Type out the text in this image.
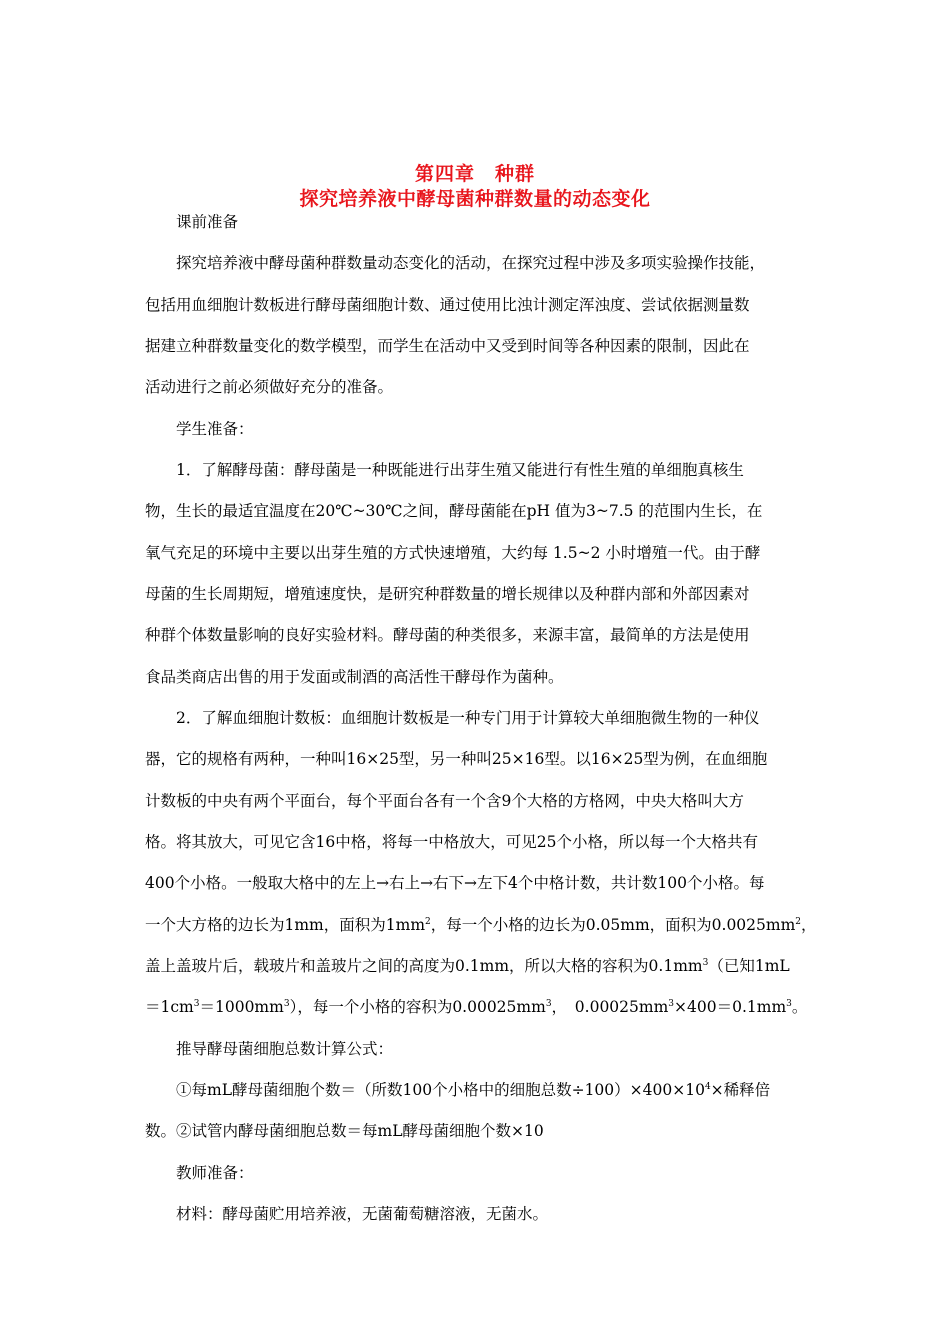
第四章　种群
探究培养液中酵母菌种群数量的动态变化
课前准备
探究培养液中酵母菌种群数量动态变化的活动，在探究过程中涉及多项实验操作技能，
包括用血细胞计数板进行酵母菌细胞计数、通过使用比浊计测定浑浊度、尝试依据测量数
据建立种群数量变化的数学模型，而学生在活动中又受到时间等各种因素的限制，因此在
活动进行之前必须做好充分的准备。
学生准备：
1．了解酵母菌：酵母菌是一种既能进行出芽生殖又能进行有性生殖的单细胞真核生
物，生长的最适宜温度在20℃~30℃之间，酵母菌能在pH 值为3~7.5 的范围内生长，在
氧气充足的环境中主要以出芽生殖的方式快速增殖，大约每 1.5~2 小时增殖一代。由于酵
母菌的生长周期短，增殖速度快，是研究种群数量的增长规律以及种群内部和外部因素对
种群个体数量影响的良好实验材料。酵母菌的种类很多，来源丰富，最简单的方法是使用
食品类商店出售的用于发面或制酒的高活性干酵母作为菌种。
2．了解血细胞计数板：血细胞计数板是一种专门用于计算较大单细胞微生物的一种仪
器，它的规格有两种，一种叫16×25型，另一种叫25×16型。以16×25型为例，在血细胞
计数板的中央有两个平面台，每个平面台各有一个含9个大格的方格网，中央大格叫大方
格。将其放大，可见它含16中格，将每一中格放大，可见25个小格，所以每一个大格共有
400个小格。一般取大格中的左上→右上→右下→左下4个中格计数，共计数100个小格。每
一个大方格的边长为1mm，面积为$1mm^2$，每一个小格的边长为0.05mm，面积为$0.0025mm^2$，
盖上盖玻片后，载玻片和盖玻片之间的高度为0.1mm，所以大格的容积为$0.1mm^3$（已知1mL
$=1cm^3=1000mm^3$），每一个小格的容积为$0.00025mm^3$，　$0.00025mm^3\times 400=0.1mm^3$。
推导酵母菌细胞总数计算公式：
①每mL酵母菌细胞个数＝（所数100个小格中的细胞总数$\div 100)\times 400\times 10^4\times$稀释倍
数。②试管内酵母菌细胞总数＝每mL酵母菌细胞个数×10
教师准备：
材料：酵母菌贮用培养液，无菌葡萄糖溶液，无菌水。
